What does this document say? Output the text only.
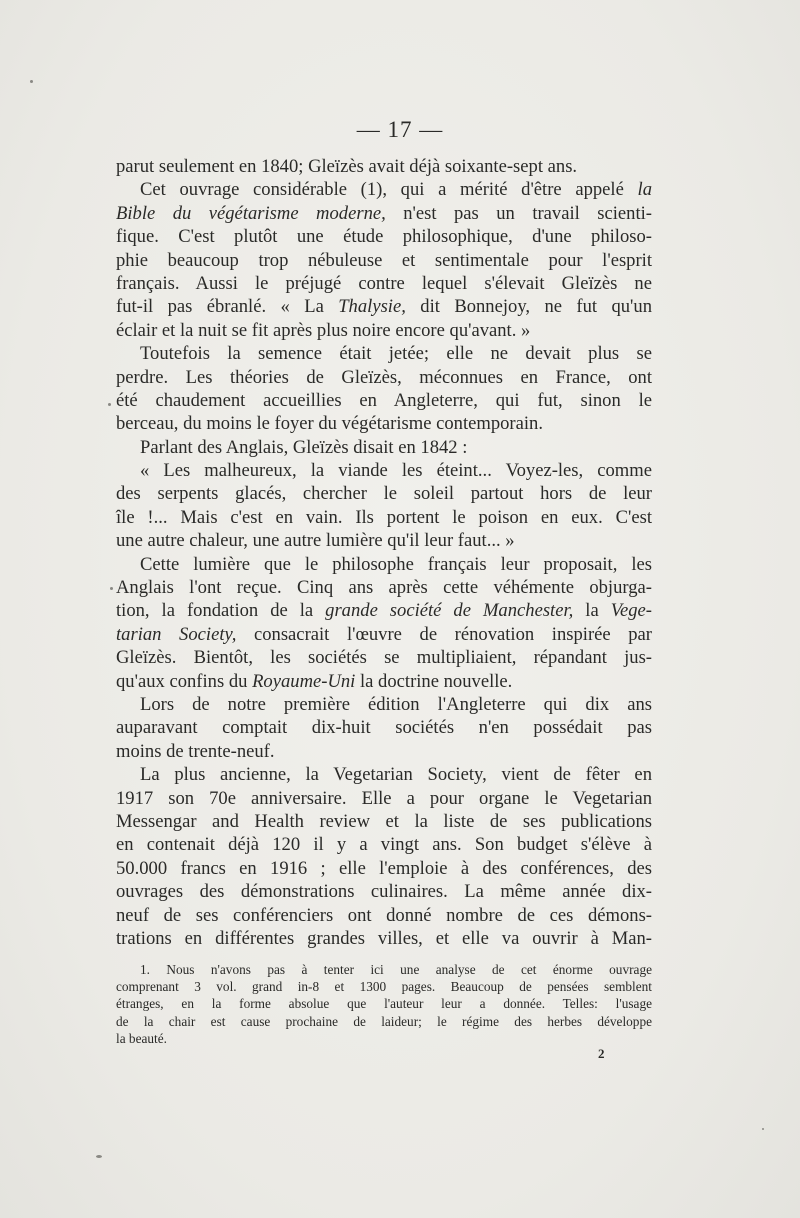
— 17 —
parut seulement en 1840; Gleïzès avait déjà soixante-sept ans.
Cet ouvrage considérable (1), qui a mérité d'être appelé la
Bible du végétarisme moderne, n'est pas un travail scienti-
fique. C'est plutôt une étude philosophique, d'une philoso-
phie beaucoup trop nébuleuse et sentimentale pour l'esprit
français. Aussi le préjugé contre lequel s'élevait Gleïzès ne
fut-il pas ébranlé. « La Thalysie, dit Bonnejoy, ne fut qu'un
éclair et la nuit se fit après plus noire encore qu'avant. »
Toutefois la semence était jetée; elle ne devait plus se
perdre. Les théories de Gleïzès, méconnues en France, ont
été chaudement accueillies en Angleterre, qui fut, sinon le
berceau, du moins le foyer du végétarisme contemporain.
Parlant des Anglais, Gleïzès disait en 1842 :
« Les malheureux, la viande les éteint... Voyez-les, comme
des serpents glacés, chercher le soleil partout hors de leur
île !... Mais c'est en vain. Ils portent le poison en eux. C'est
une autre chaleur, une autre lumière qu'il leur faut... »
Cette lumière que le philosophe français leur proposait, les
Anglais l'ont reçue. Cinq ans après cette véhémente objurga-
tion, la fondation de la grande société de Manchester, la Vege-
tarian Society, consacrait l'œuvre de rénovation inspirée par
Gleïzès. Bientôt, les sociétés se multipliaient, répandant jus-
qu'aux confins du Royaume-Uni la doctrine nouvelle.
Lors de notre première édition l'Angleterre qui dix ans
auparavant comptait dix-huit sociétés n'en possédait pas
moins de trente-neuf.
La plus ancienne, la Vegetarian Society, vient de fêter en
1917 son 70e anniversaire. Elle a pour organe le Vegetarian
Messengar and Health review et la liste de ses publications
en contenait déjà 120 il y a vingt ans. Son budget s'élève à
50.000 francs en 1916 ; elle l'emploie à des conférences, des
ouvrages des démonstrations culinaires. La même année dix-
neuf de ses conférenciers ont donné nombre de ces démons-
trations en différentes grandes villes, et elle va ouvrir à Man-
1. Nous n'avons pas à tenter ici une analyse de cet énorme ouvrage
comprenant 3 vol. grand in-8 et 1300 pages. Beaucoup de pensées semblent
étranges, en la forme absolue que l'auteur leur a donnée. Telles: l'usage
de la chair est cause prochaine de laideur; le régime des herbes développe
la beauté.
2
